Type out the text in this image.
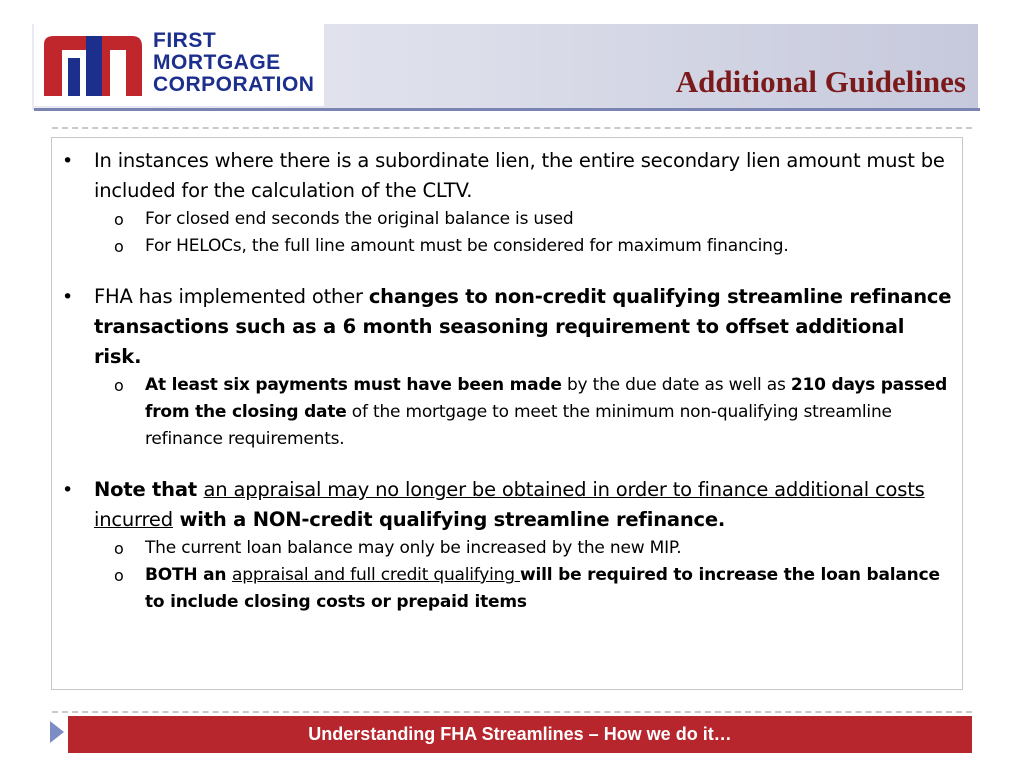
FIRST
MORTGAGE
CORPORATION	Additional Guidelines
• In instances where there is a subordinate lien, the entire secondary lien amount must be included for the calculation of the CLTV.
o For closed end seconds the original balance is used
o For HELOCs, the full line amount must be considered for maximum financing.
• FHA has implemented other changes to non-credit qualifying streamline refinance transactions such as a 6 month seasoning requirement to offset additional risk.
o At least six payments must have been made by the due date as well as 210 days passed from the closing date of the mortgage to meet the minimum non-qualifying streamline refinance requirements.
• Note that an appraisal may no longer be obtained in order to finance additional costs incurred with a NON-credit qualifying streamline refinance.
o The current loan balance may only be increased by the new MIP.
o BOTH an appraisal and full credit qualifying will be required to increase the loan balance to include closing costs or prepaid items
Understanding FHA Streamlines – How we do it…
